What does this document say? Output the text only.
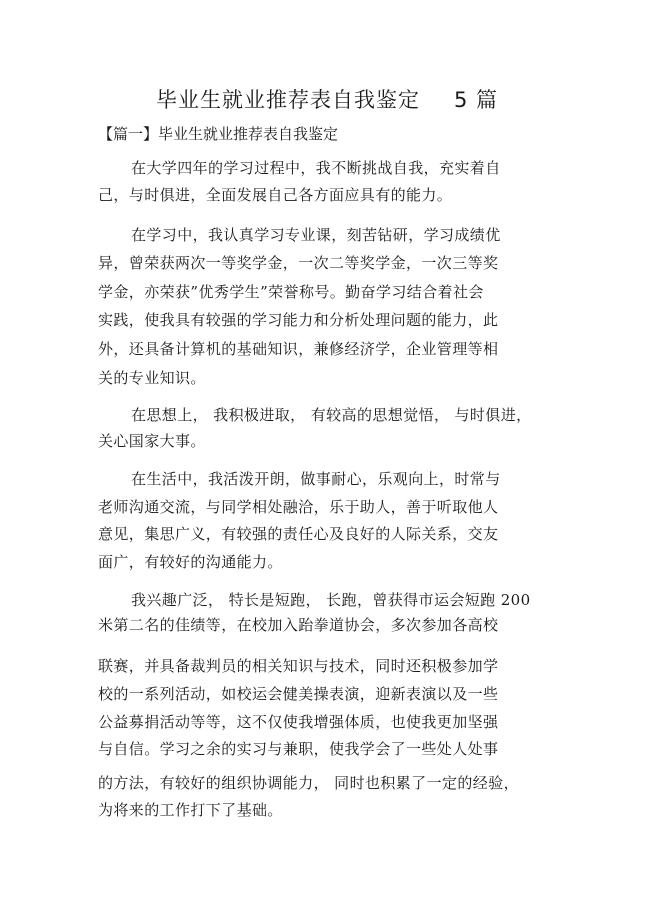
毕业生就业推荐表自我鉴定 5 篇
【篇一】毕业生就业推荐表自我鉴定
在大学四年的学习过程中，我不断挑战自我，充实着自
己，与时俱进，全面发展自己各方面应具有的能力。
在学习中，我认真学习专业课，刻苦钻研，学习成绩优
异，曾荣获两次一等奖学金，一次二等奖学金，一次三等奖
学金，亦荣获”优秀学生”荣誉称号。勤奋学习结合着社会
实践，使我具有较强的学习能力和分析处理问题的能力，此
外，还具备计算机的基础知识，兼修经济学，企业管理等相
关的专业知识。
在思想上， 我积极进取， 有较高的思想觉悟， 与时俱进，
关心国家大事。
在生活中，我活泼开朗，做事耐心，乐观向上，时常与
老师沟通交流，与同学相处融洽，乐于助人，善于听取他人
意见，集思广义，有较强的责任心及良好的人际关系，交友
面广，有较好的沟通能力。
我兴趣广泛， 特长是短跑， 长跑，曾获得市运会短跑 200
米第二名的佳绩等，在校加入跆拳道协会，多次参加各高校
联赛，并具备裁判员的相关知识与技术，同时还积极参加学
校的一系列活动，如校运会健美操表演，迎新表演以及一些
公益募捐活动等等，这不仅使我增强体质，也使我更加坚强
与自信。学习之余的实习与兼职，使我学会了一些处人处事
的方法，有较好的组织协调能力， 同时也积累了一定的经验，
为将来的工作打下了基础。
